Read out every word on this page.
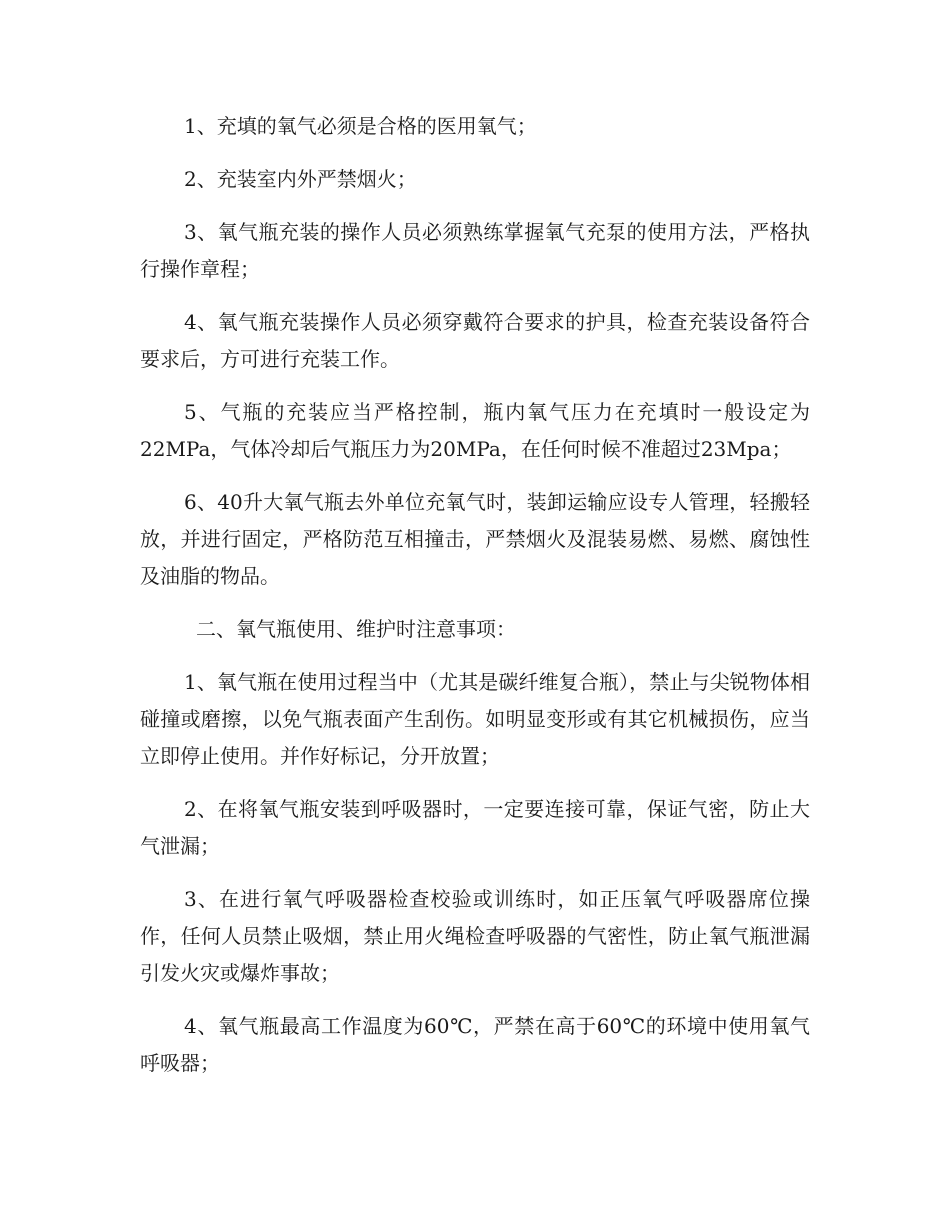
1、充填的氧气必须是合格的医用氧气；

2、充装室内外严禁烟火；

3、氧气瓶充装的操作人员必须熟练掌握氧气充泵的使用方法，严格执行操作章程；

4、氧气瓶充装操作人员必须穿戴符合要求的护具，检查充装设备符合要求后，方可进行充装工作。

5、气瓶的充装应当严格控制，瓶内氧气压力在充填时一般设定为22MPa，气体冷却后气瓶压力为20MPa，在任何时候不准超过23Mpa；

6、40升大氧气瓶去外单位充氧气时，装卸运输应设专人管理，轻搬轻放，并进行固定，严格防范互相撞击，严禁烟火及混装易燃、易燃、腐蚀性及油脂的物品。

二、氧气瓶使用、维护时注意事项：

1、氧气瓶在使用过程当中（尤其是碳纤维复合瓶），禁止与尖锐物体相碰撞或磨擦，以免气瓶表面产生刮伤。如明显变形或有其它机械损伤，应当立即停止使用。并作好标记，分开放置；

2、在将氧气瓶安装到呼吸器时，一定要连接可靠，保证气密，防止大气泄漏；

3、在进行氧气呼吸器检查校验或训练时，如正压氧气呼吸器席位操作，任何人员禁止吸烟，禁止用火绳检查呼吸器的气密性，防止氧气瓶泄漏引发火灾或爆炸事故；

4、氧气瓶最高工作温度为60℃，严禁在高于60℃的环境中使用氧气呼吸器；
